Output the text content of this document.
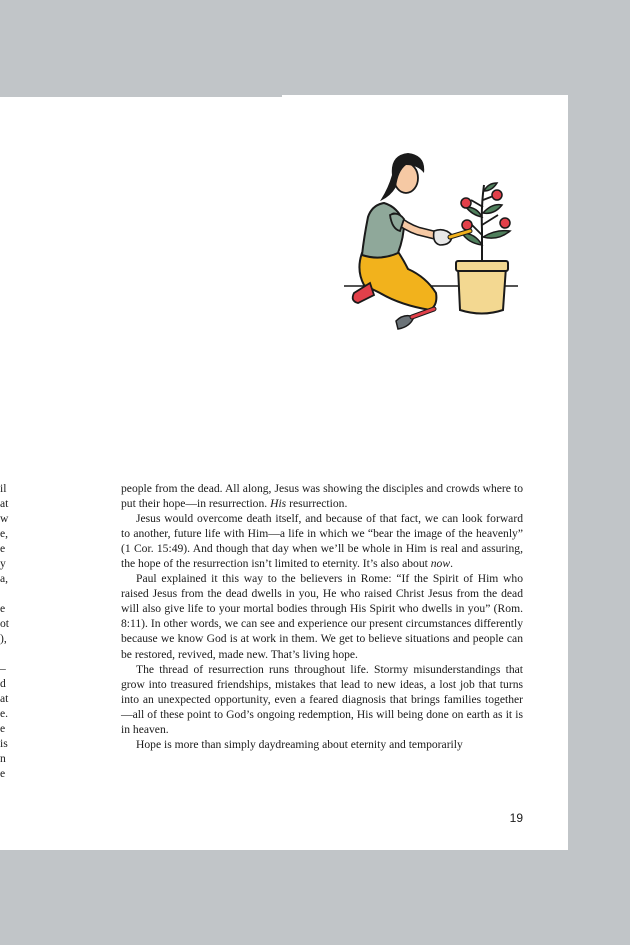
il
at
w
e,
e
y
a,
e
ot
),
–
d
at
e.
e
is
n
e

people from the dead. All along, Jesus was showing the disciples and crowds where to put their hope—in resurrection. His resurrection.

Jesus would overcome death itself, and because of that fact, we can look forward to another, future life with Him—a life in which we “bear the image of the heavenly” (1 Cor. 15:49). And though that day when we’ll be whole in Him is real and assuring, the hope of the resurrection isn’t limited to eternity. It’s also about now.

Paul explained it this way to the believers in Rome: “If the Spirit of Him who raised Jesus from the dead dwells in you, He who raised Christ Jesus from the dead will also give life to your mortal bodies through His Spirit who dwells in you” (Rom. 8:11). In other words, we can see and experience our present circumstances differently because we know God is at work in them. We get to believe situations and people can be restored, revived, made new. That’s living hope.

The thread of resurrection runs throughout life. Stormy misunderstandings that grow into treasured friendships, mistakes that lead to new ideas, a lost job that turns into an unexpected opportunity, even a feared diagnosis that brings families together—all of these point to God’s ongoing redemption, His will being done on earth as it is in heaven.

Hope is more than simply daydreaming about eternity and temporarily

19
